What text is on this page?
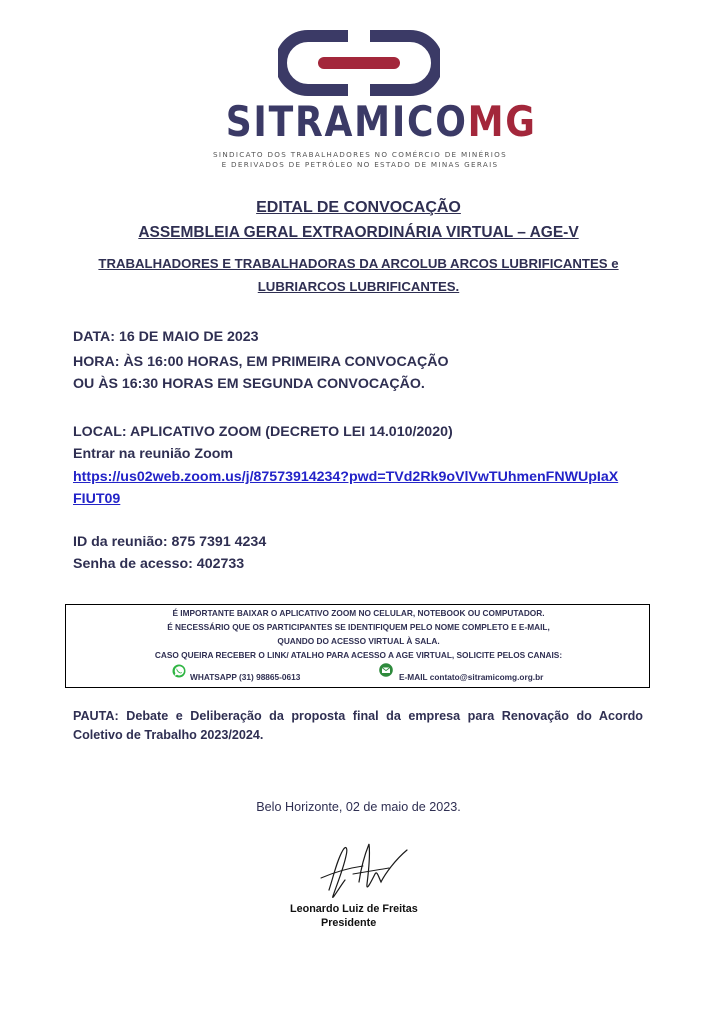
SITRAMICOMG
SINDICATO DOS TRABALHADORES NO COMÉRCIO DE MINÉRIOS
E DERIVADOS DE PETRÓLEO NO ESTADO DE MINAS GERAIS
EDITAL DE CONVOCAÇÃO
ASSEMBLEIA GERAL EXTRAORDINÁRIA VIRTUAL – AGE-V
TRABALHADORES E TRABALHADORAS DA ARCOLUB ARCOS LUBRIFICANTES e
LUBRIARCOS LUBRIFICANTES.
DATA: 16 DE MAIO DE 2023
HORA: ÀS 16:00 HORAS, EM PRIMEIRA CONVOCAÇÃO
OU ÀS 16:30 HORAS EM SEGUNDA CONVOCAÇÃO.
LOCAL: APLICATIVO ZOOM (DECRETO LEI 14.010/2020)
Entrar na reunião Zoom
https://us02web.zoom.us/j/87573914234?pwd=TVd2Rk9oVlVwTUhmenFNWUpIaX
FIUT09
ID da reunião: 875 7391 4234
Senha de acesso: 402733
É IMPORTANTE BAIXAR O APLICATIVO ZOOM NO CELULAR, NOTEBOOK OU COMPUTADOR.
É NECESSÁRIO QUE OS PARTICIPANTES SE IDENTIFIQUEM PELO NOME COMPLETO E E-MAIL,
QUANDO DO ACESSO VIRTUAL À SALA.
CASO QUEIRA RECEBER O LINK/ ATALHO PARA ACESSO A AGE VIRTUAL, SOLICITE PELOS CANAIS:
WHATSAPP (31) 98865-0613	E-MAIL contato@sitramicomg.org.br
PAUTA: Debate e Deliberação da proposta final da empresa para Renovação do Acordo Coletivo de Trabalho 2023/2024.
Belo Horizonte, 02 de maio de 2023.
Leonardo Luiz de Freitas
Presidente
